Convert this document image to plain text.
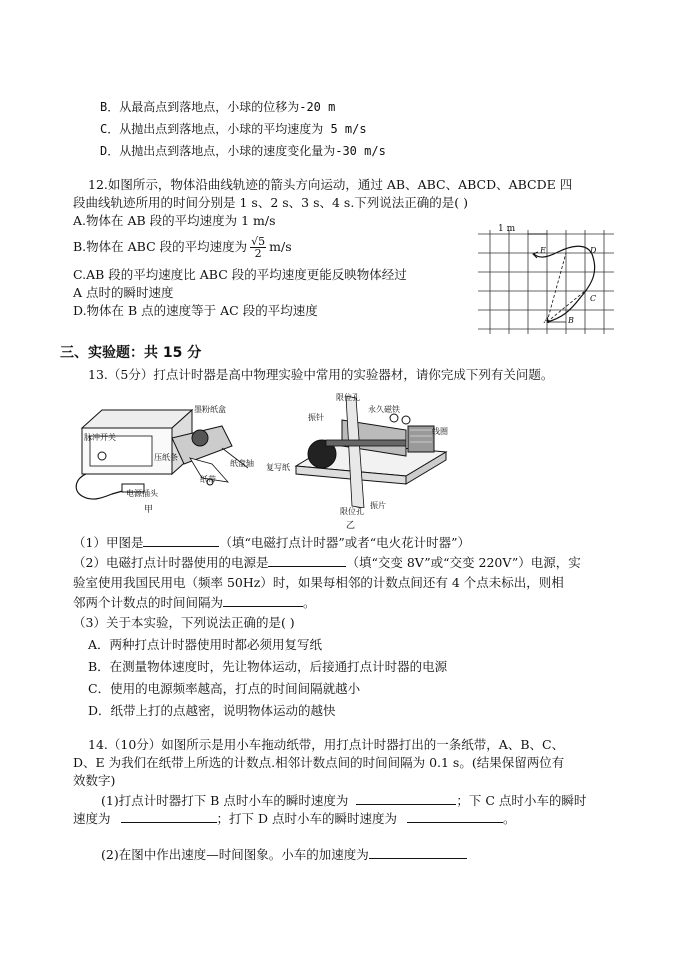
B．从最高点到落地点，小球的位移为-20 m
C．从抛出点到落地点，小球的平均速度为 5 m/s
D．从抛出点到落地点，小球的速度变化量为-30 m/s
12.如图所示，物体沿曲线轨迹的箭头方向运动，通过 AB、ABC、ABCD、ABCDE 四
段曲线轨迹所用的时间分别是 1 s、2 s、3 s、4 s.下列说法正确的是( )
A.物体在 AB 段的平均速度为 1 m/s
B.物体在 ABC 段的平均速度为 $\frac{√5}{2} m/s$
C.AB 段的平均速度比 ABC 段的平均速度更能反映物体经过
A 点时的瞬时速度
D.物体在 B 点的速度等于 AC 段的平均速度
1 m
A B
C
D
E
三、实验题：共 15 分
13.（5分）打点计时器是高中物理实验中常用的实验器材，请你完成下列有关问题。
脉冲开关
墨粉纸盒
压纸条
纸盘轴
纸带
电源插头
甲
限位孔
振针
永久磁铁
线圈
复写纸
振片
限位孔
乙
（1）甲图是	（填“电磁打点计时器”或者“电火花计时器”）
（2）电磁打点计时器使用的电源是	（填“交变 8V”或“交变 220V”）电源，实
验室使用我国民用电（频率 50Hz）时，如果每相邻的计数点间还有 4 个点未标出，则相
邻两个计数点的时间间隔为	。
（3）关于本实验，下列说法正确的是( )
A．两种打点计时器使用时都必须用复写纸
B．在测量物体速度时，先让物体运动，后接通打点计时器的电源
C．使用的电源频率越高，打点的时间间隔就越小
D．纸带上打的点越密，说明物体运动的越快
14.（10分）如图所示是用小车拖动纸带，用打点计时器打出的一条纸带，A、B、C、
D、E 为我们在纸带上所选的计数点.相邻计数点间的时间间隔为 0.1 s。(结果保留两位有
效数字)
(1)打点计时器打下 B 点时小车的瞬时速度为	；下 C 点时小车的瞬时
速度为	；打下 D 点时小车的瞬时速度为	。
(2)在图中作出速度—时间图象。小车的加速度为
